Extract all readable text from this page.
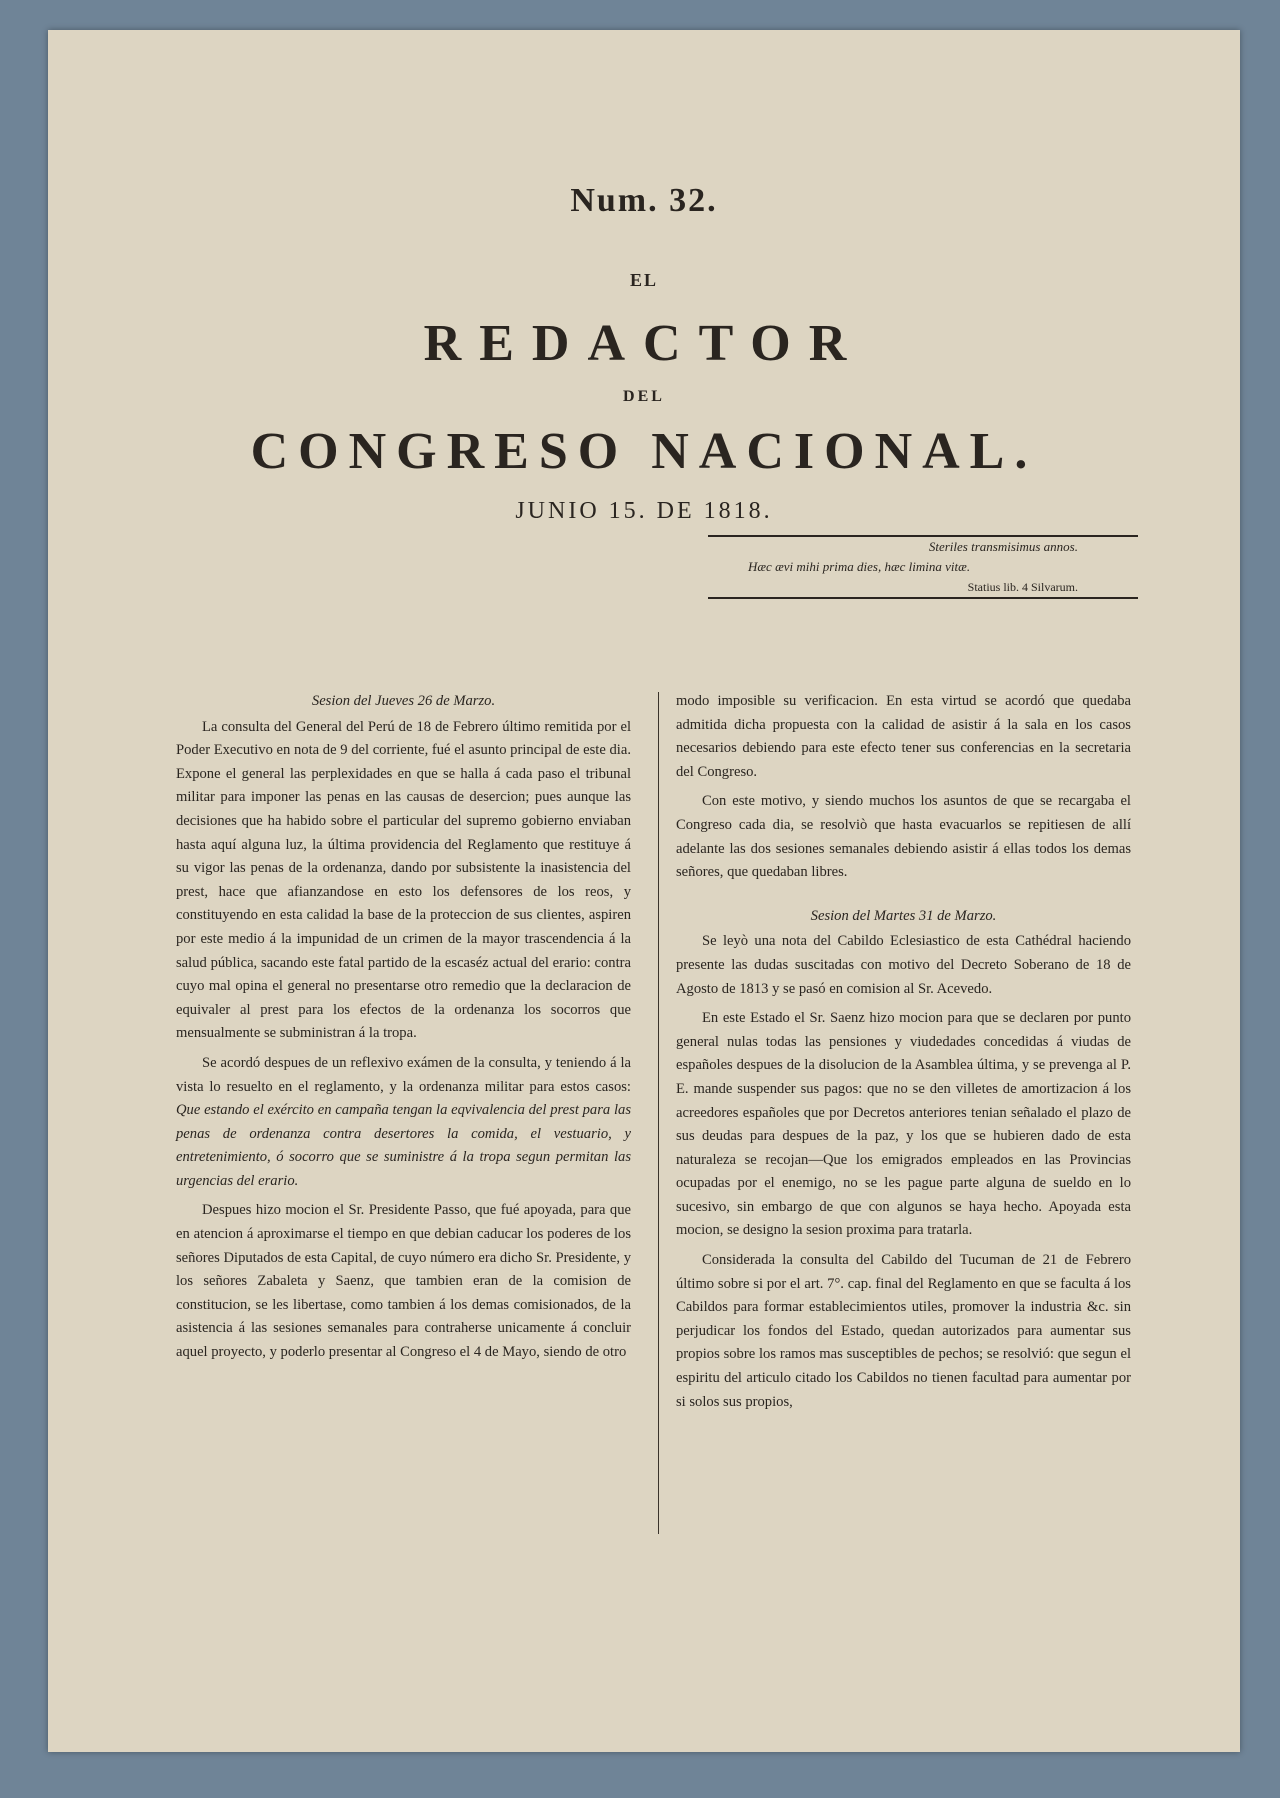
Num. 32.
EL
REDACTOR
DEL
CONGRESO NACIONAL.
JUNIO 15. DE 1818.
Steriles transmisimus annos.
Hæc ævi mihi prima dies, hæc limina vitæ.
Statius lib. 4 Silvarum.

Sesion del Jueves 26 de Marzo.

La consulta del General del Perú de 18 de Febrero último remitida por el Poder Executivo en nota de 9 del corriente, fué el asunto principal de este dia. Expone el general las perplexidades en que se halla á cada paso el tribunal militar para imponer las penas en las causas de desercion; pues aunque las decisiones que ha habido sobre el particular del supremo gobierno enviaban hasta aquí alguna luz, la última providencia del Reglamento que restituye á su vigor las penas de la ordenanza, dando por subsistente la inasistencia del prest, hace que afianzandose en esto los defensores de los reos, y constituyendo en esta calidad la base de la proteccion de sus clientes, aspiren por este medio á la impunidad de un crimen de la mayor trascendencia á la salud pública, sacando este fatal partido de la escaséz actual del erario: contra cuyo mal opina el general no presentarse otro remedio que la declaracion de equivaler al prest para los efectos de la ordenanza los socorros que mensualmente se subministran á la tropa.

Se acordó despues de un reflexivo exámen de la consulta, y teniendo á la vista lo resuelto en el reglamento, y la ordenanza militar para estos casos: Que estando el exército en campaña tengan la eqvivalencia del prest para las penas de ordenanza contra desertores la comida, el vestuario, y entretenimiento, ó socorro que se suministre á la tropa segun permitan las urgencias del erario.

Despues hizo mocion el Sr. Presidente Passo, que fué apoyada, para que en atencion á aproximarse el tiempo en que debian caducar los poderes de los señores Diputados de esta Capital, de cuyo número era dicho Sr. Presidente, y los señores Zabaleta y Saenz, que tambien eran de la comision de constitucion, se les libertase, como tambien á los demas comisionados, de la asistencia á las sesiones semanales para contraherse unicamente á concluir aquel proyecto, y poderlo presentar al Congreso el 4 de Mayo, siendo de otro

modo imposible su verificacion. En esta virtud se acordó que quedaba admitida dicha propuesta con la calidad de asistir á la sala en los casos necesarios debiendo para este efecto tener sus conferencias en la secretaria del Congreso.

Con este motivo, y siendo muchos los asuntos de que se recargaba el Congreso cada dia, se resolviò que hasta evacuarlos se repitiesen de allí adelante las dos sesiones semanales debiendo asistir á ellas todos los demas señores, que quedaban libres.

Sesion del Martes 31 de Marzo.

Se leyò una nota del Cabildo Eclesiastico de esta Cathédral haciendo presente las dudas suscitadas con motivo del Decreto Soberano de 18 de Agosto de 1813 y se pasó en comision al Sr. Acevedo.

En este Estado el Sr. Saenz hizo mocion para que se declaren por punto general nulas todas las pensiones y viudedades concedidas á viudas de españoles despues de la disolucion de la Asamblea última, y se prevenga al P. E. mande suspender sus pagos: que no se den villetes de amortizacion á los acreedores españoles que por Decretos anteriores tenian señalado el plazo de sus deudas para despues de la paz, y los que se hubieren dado de esta naturaleza se recojan—Que los emigrados empleados en las Provincias ocupadas por el enemigo, no se les pague parte alguna de sueldo en lo sucesivo, sin embargo de que con algunos se haya hecho. Apoyada esta mocion, se designo la sesion proxima para tratarla.

Considerada la consulta del Cabildo del Tucuman de 21 de Febrero último sobre si por el art. 7°. cap. final del Reglamento en que se faculta á los Cabildos para formar establecimientos utiles, promover la industria &c. sin perjudicar los fondos del Estado, quedan autorizados para aumentar sus propios sobre los ramos mas susceptibles de pechos; se resolvió: que segun el espiritu del articulo citado los Cabildos no tienen facultad para aumentar por si solos sus propios,
